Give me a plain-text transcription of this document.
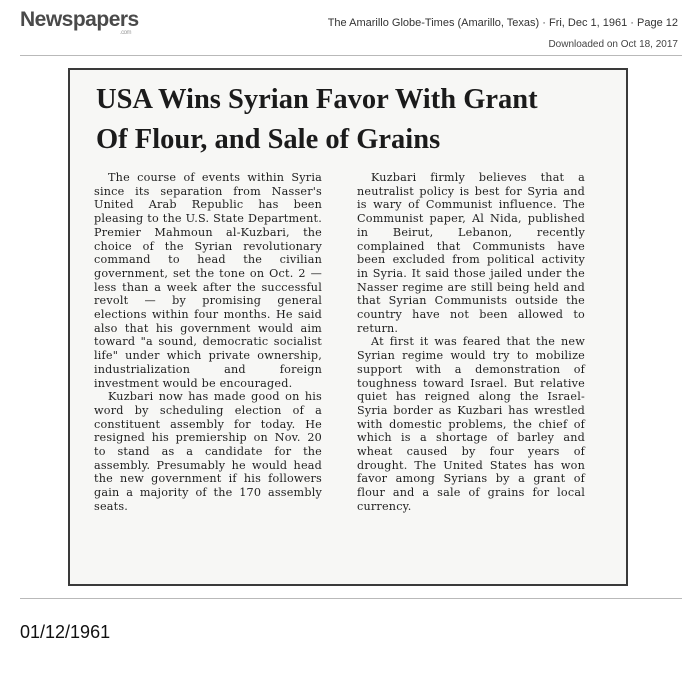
Newspapers
.com
The Amarillo Globe-Times (Amarillo, Texas) · Fri, Dec 1, 1961 · Page 12
Downloaded on Oct 18, 2017
USA Wins Syrian Favor With Grant
Of Flour, and Sale of Grains

The course of events within Syria since its separation from Nasser's United Arab Republic has been pleasing to the U.S. State Department. Premier Mahmoun al-Kuzbari, the choice of the Syrian revolutionary command to head the civilian government, set the tone on Oct. 2 — less than a week after the successful revolt — by promising general elections within four months. He said also that his government would aim toward "a sound, democratic socialist life" under which private ownership, industrialization and foreign investment would be encouraged.

Kuzbari now has made good on his word by scheduling election of a constituent assembly for today. He resigned his premiership on Nov. 20 to stand as a candidate for the assembly. Presumably he would head the new government if his followers gain a majority of the 170 assembly seats.

Kuzbari firmly believes that a neutralist policy is best for Syria and is wary of Communist influence. The Communist paper, Al Nida, published in Beirut, Lebanon, recently complained that Communists have been excluded from political activity in Syria. It said those jailed under the Nasser regime are still being held and that Syrian Communists outside the country have not been allowed to return.

At first it was feared that the new Syrian regime would try to mobilize support with a demonstration of toughness toward Israel. But relative quiet has reigned along the Israel-Syria border as Kuzbari has wrestled with domestic problems, the chief of which is a shortage of barley and wheat caused by four years of drought. The United States has won favor among Syrians by a grant of flour and a sale of grains for local currency.

01/12/1961
